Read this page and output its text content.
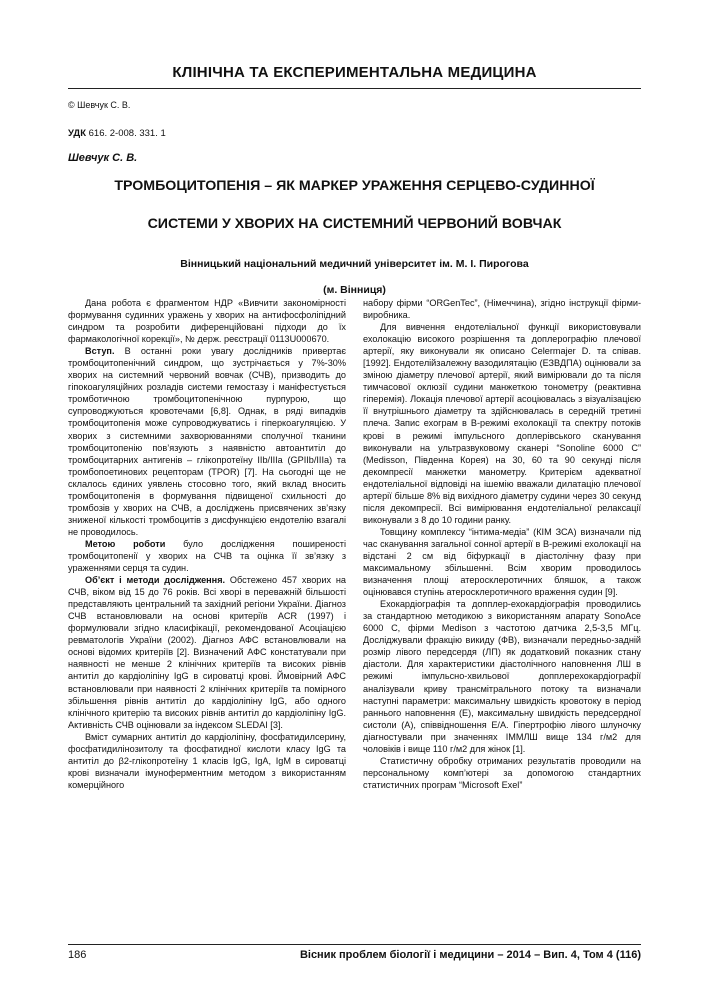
КЛІНІЧНА ТА ЕКСПЕРИМЕНТАЛЬНА МЕДИЦИНА
© Шевчук С. В.
УДК 616. 2-008. 331. 1
Шевчук С. В.
ТРОМБОЦИТОПЕНІЯ – ЯК МАРКЕР УРАЖЕННЯ СЕРЦЕВО-СУДИННОЇ
СИСТЕМИ У ХВОРИХ НА СИСТЕМНИЙ ЧЕРВОНИЙ ВОВЧАК
Вінницький національний медичний університет ім. М. І. Пирогова
(м. Вінниця)

Дана робота є фрагментом НДР «Вивчити закономірності формування судинних уражень у хворих на антифосфоліпідний синдром та розробити диференційовані підходи до їх фармакологічної корекції», № держ. реєстрації 0113U000670.

Вступ. В останні роки увагу дослідників привертає тромбоцитопенічний синдром, що зустрічається у 7%-30% хворих на системний червоний вовчак (СЧВ), призводить до гіпокоагуляційних розладів системи гемостазу і маніфестується тромботичною тромбоцитопенічною пурпурою, що супроводжуються кровотечами [6,8]. Однак, в ряді випадків тромбоцитопенія може супроводжуватись і гіперкоагуляцією. У хворих з системними захворюваннями сполучної тканини тромбоцитопенію пов’язують з наявністю автоантитіл до тромбоцитарних антигенів – глікопротеїну IIb/IIIa (GPIIb/IIIa) та тромбопоетинових рецепторам (TPOR) [7]. На сьогодні ще не склалось єдиних уявлень стосовно того, який вклад вносить тромбоцитопенія в формування підвищеної схильності до тромбозів у хворих на СЧВ, а досліджень присвячених зв’язку зниженої кількості тромбоцитів з дисфункцією ендотелію взагалі не проводилось.

Метою роботи було дослідження поширеності тромбоцитопенії у хворих на СЧВ та оцінка її зв’язку з ураженнями серця та судин.

Об’єкт і методи дослідження. Обстежено 457 хворих на СЧВ, віком від 15 до 76 років. Всі хворі в переважній більшості представляють центральний та західний регіони України. Діагноз СЧВ встановлювали на основі критеріїв ACR (1997) і формулювали згідно класифікації, рекомендованої Асоціацією ревматологів України (2002). Діагноз АФС встановлювали на основі відомих критеріїв [2]. Визначений АФС констатували при наявності не менше 2 клінічних критеріїв та високих рівнів антитіл до кардіоліпіну IgG в сироватці крові. Ймовірний АФС встановлювали при наявності 2 клінічних критеріїв та помірного збільшення рівнів антитіл до кардіоліпіну IgG, або одного клінічного критерію та високих рівнів антитіл до кардіоліпіну IgG. Активність СЧВ оцінювали за індексом SLEDAI [3].

Вміст сумарних антитіл до кардіоліпіну, фосфатидилсерину, фосфатидилінозитолу та фосфатидної кислоти класу IgG та антитіл до β2-глікопротеїну 1 класів IgG, IgA, IgM в сироватці крові визначали імуноферментним методом з використанням комерційного

набору фірми “ORGenTec”, (Німеччина), згідно інструкції фірми-виробника.

Для вивчення ендотеліальної функції використовували ехолокацію високого розрішення та доплерографію плечової артерії, яку виконували як описано Celermajer D. та співав. [1992]. Ендотелійзалежну вазодилятацію (ЕЗВДПА) оцінювали за зміною діаметру плечової артерії, який вимірювали до та після тимчасової оклюзії судини манжеткою тонометру (реактивна гіперемія). Локація плечової артерії асоціювалась з візуалізацією її внутрішнього діаметру та здійснювалась в середній третині плеча. Запис ехограм в В-режимі ехолокації та спектру потоків крові в режимі імпульсного доплерівського сканування виконували на ультразвуковому сканері “Sonoline 6000 C” (Medisson, Південна Корея) на 30, 60 та 90 секунді після декомпресії манжетки манометру. Критерієм адекватної ендотеліальної відповіді на ішемію вважали дилатацію плечової артерії більше 8% від вихідного діаметру судини через 30 секунд після декомпресії. Всі вимірювання ендотеліальної релаксації виконували з 8 до 10 години ранку.

Товщину комплексу “інтима-медіа” (КІМ ЗСА) визначали під час сканування загальної сонної артерії в В-режимі ехолокації на відстані 2 см від біфуркації в діастолічну фазу при максимальному збільшенні. Всім хворим проводилось визначення площі атеросклеротичних бляшок, а також оцінювався ступінь атеросклеротичного враження судин [9].

Ехокардіографія та допплер-ехокардіографія проводились за стандартною методикою з використанням апарату SonoAce 6000 C, фірми Medison з частотою датчика 2,5-3,5 МГц. Досліджували фракцію викиду (ФВ), визначали передньо-задній розмір лівого передсердя (ЛП) як додатковий показник стану діастоли. Для характеристики діастолічного наповнення ЛШ в режимі імпульсно-хвильової допплерехокардіографії аналізували криву трансмітрального потоку та визначали наступні параметри: максимальну швидкість кровотоку в період раннього наповнення (Е), максимальну швидкість передсердної систоли (А), співвідношення Е/А. Гіпертрофію лівого шлуночку діагностували при значеннях ІММЛШ вище 134 г/м2 для чоловіків і вище 110 г/м2 для жінок [1].

Статистичну обробку отриманих результатів проводили на персональному комп’ютері за допомогою стандартних статистичних програм “Microsoft Exel”

186	Вісник проблем біології і медицини – 2014 – Вип. 4, Том 4 (116)
